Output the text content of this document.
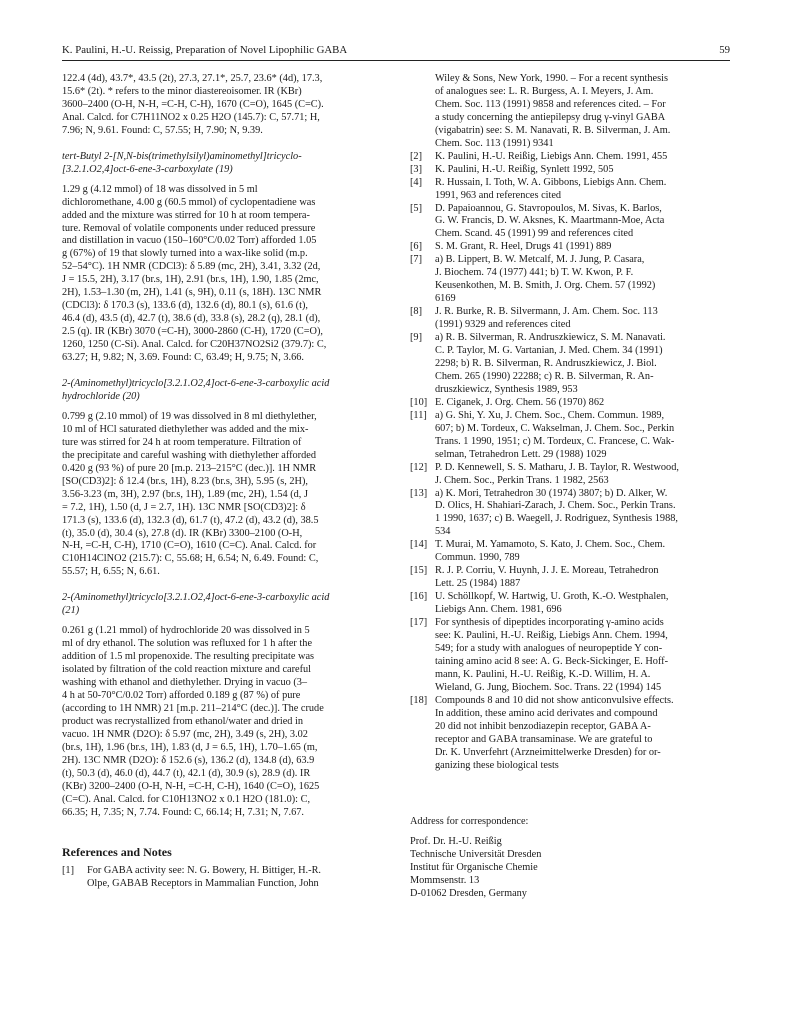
K. Paulini, H.-U. Reissig, Preparation of Novel Lipophilic GABA	59
122.4 (4d), 43.7*, 43.5 (2t), 27.3, 27.1*, 25.7, 23.6* (4d), 17.3,
15.6* (2t). * refers to the minor diastereoisomer. IR (KBr)
3600–2400 (O-H, N-H, =C-H, C-H), 1670 (C=O), 1645 (C=C).
Anal. Calcd. for C7H11NO2 x 0.25 H2O (145.7): C, 57.71; H,
7.96; N, 9.61. Found: C, 57.55; H, 7.90; N, 9.39.
tert-Butyl 2-[N,N-bis(trimethylsilyl)aminomethyl]tricyclo-
[3.2.1.O2,4]oct-6-ene-3-carboxylate (19)
1.29 g (4.12 mmol) of 18 was dissolved in 5 ml
dichloromethane, 4.00 g (60.5 mmol) of cyclopentadiene was
added and the mixture was stirred for 10 h at room tempera-
ture. Removal of volatile components under reduced pressure
and distillation in vacuo (150–160°C/0.02 Torr) afforded 1.05
g (67%) of 19 that slowly turned into a wax-like solid (m.p.
52–54°C). 1H NMR (CDCl3): δ 5.89 (mc, 2H), 3.41, 3.32 (2d,
J = 15.5, 2H), 3.17 (br.s, 1H), 2.91 (br.s, 1H), 1.90, 1.85 (2mc,
2H), 1.53–1.30 (m, 2H), 1.41 (s, 9H), 0.11 (s, 18H). 13C NMR
(CDCl3): δ 170.3 (s), 133.6 (d), 132.6 (d), 80.1 (s), 61.6 (t),
46.4 (d), 43.5 (d), 42.7 (t), 38.6 (d), 33.8 (s), 28.2 (q), 28.1 (d),
2.5 (q). IR (KBr) 3070 (=C-H), 3000-2860 (C-H), 1720 (C=O),
1260, 1250 (C-Si). Anal. Calcd. for C20H37NO2Si2 (379.7): C,
63.27; H, 9.82; N, 3.69. Found: C, 63.49; H, 9.75; N, 3.66.
2-(Aminomethyl)tricyclo[3.2.1.O2,4]oct-6-ene-3-carboxylic acid
hydrochloride (20)
0.799 g (2.10 mmol) of 19 was dissolved in 8 ml diethylether,
10 ml of HCl saturated diethylether was added and the mix-
ture was stirred for 24 h at room temperature. Filtration of
the precipitate and careful washing with diethylether afforded
0.420 g (93 %) of pure 20 [m.p. 213–215°C (dec.)]. 1H NMR
[SO(CD3)2]: δ 12.4 (br.s, 1H), 8.23 (br.s, 3H), 5.95 (s, 2H),
3.56-3.23 (m, 3H), 2.97 (br.s, 1H), 1.89 (mc, 2H), 1.54 (d, J
= 7.2, 1H), 1.50 (d, J = 2.7, 1H). 13C NMR [SO(CD3)2]: δ
171.3 (s), 133.6 (d), 132.3 (d), 61.7 (t), 47.2 (d), 43.2 (d), 38.5
(t), 35.0 (d), 30.4 (s), 27.8 (d). IR (KBr) 3300–2100 (O-H,
N-H, =C-H, C-H), 1710 (C=O), 1610 (C=C). Anal. Calcd. for
C10H14ClNO2 (215.7): C, 55.68; H, 6.54; N, 6.49. Found: C,
55.57; H, 6.55; N, 6.61.
2-(Aminomethyl)tricyclo[3.2.1.O2,4]oct-6-ene-3-carboxylic acid
(21)
0.261 g (1.21 mmol) of hydrochloride 20 was dissolved in 5
ml of dry ethanol. The solution was refluxed for 1 h after the
addition of 1.5 ml propenoxide. The resulting precipitate was
isolated by filtration of the cold reaction mixture and careful
washing with ethanol and diethylether. Drying in vacuo (3–
4 h at 50-70°C/0.02 Torr) afforded 0.189 g (87 %) of pure
(according to 1H NMR) 21 [m.p. 211–214°C (dec.)]. The crude
product was recrystallized from ethanol/water and dried in
vacuo. 1H NMR (D2O): δ 5.97 (mc, 2H), 3.49 (s, 2H), 3.02
(br.s, 1H), 1.96 (br.s, 1H), 1.83 (d, J = 6.5, 1H), 1.70–1.65 (m,
2H). 13C NMR (D2O): δ 152.6 (s), 136.2 (d), 134.8 (d), 63.9
(t), 50.3 (d), 46.0 (d), 44.7 (t), 42.1 (d), 30.9 (s), 28.9 (d). IR
(KBr) 3200–2400 (O-H, N-H, =C-H, C-H), 1640 (C=O), 1625
(C=C). Anal. Calcd. for C10H13NO2 x 0.1 H2O (181.0): C,
66.35; H, 7.35; N, 7.74. Found: C, 66.14; H, 7.31; N, 7.67.
References and Notes
[1] For GABA activity see: N. G. Bowery, H. Bittiger, H.-R.
Olpe, GABAB Receptors in Mammalian Function, John
Wiley & Sons, New York, 1990. – For a recent synthesis
of analogues see: L. R. Burgess, A. I. Meyers, J. Am.
Chem. Soc. 113 (1991) 9858 and references cited. – For
a study concerning the antiepilepsy drug γ-vinyl GABA
(vigabatrin) see: S. M. Nanavati, R. B. Silverman, J. Am.
Chem. Soc. 113 (1991) 9341
[2] K. Paulini, H.-U. Reißig, Liebigs Ann. Chem. 1991, 455
[3] K. Paulini, H.-U. Reißig, Synlett 1992, 505
[4] R. Hussain, I. Toth, W. A. Gibbons, Liebigs Ann. Chem.
1991, 963 and references cited
[5] D. Papaioannou, G. Stavropoulos, M. Sivas, K. Barlos,
G. W. Francis, D. W. Aksnes, K. Maartmann-Moe, Acta
Chem. Scand. 45 (1991) 99 and references cited
[6] S. M. Grant, R. Heel, Drugs 41 (1991) 889
[7] a) B. Lippert, B. W. Metcalf, M. J. Jung, P. Casara,
J. Biochem. 74 (1977) 441; b) T. W. Kwon, P. F.
Keusenkothen, M. B. Smith, J. Org. Chem. 57 (1992)
6169
[8] J. R. Burke, R. B. Silvermann, J. Am. Chem. Soc. 113
(1991) 9329 and references cited
[9] a) R. B. Silverman, R. Andruszkiewicz, S. M. Nanavati.
C. P. Taylor, M. G. Vartanian, J. Med. Chem. 34 (1991)
2298; b) R. B. Silverman, R. Andruszkiewicz, J. Biol.
Chem. 265 (1990) 22288; c) R. B. Silverman, R. An-
druszkiewicz, Synthesis 1989, 953
[10] E. Ciganek, J. Org. Chem. 56 (1970) 862
[11] a) G. Shi, Y. Xu, J. Chem. Soc., Chem. Commun. 1989,
607; b) M. Tordeux, C. Wakselman, J. Chem. Soc., Perkin
Trans. 1 1990, 1951; c) M. Tordeux, C. Francese, C. Wak-
selman, Tetrahedron Lett. 29 (1988) 1029
[12] P. D. Kennewell, S. S. Matharu, J. B. Taylor, R. Westwood,
J. Chem. Soc., Perkin Trans. 1 1982, 2563
[13] a) K. Mori, Tetrahedron 30 (1974) 3807; b) D. Alker, W.
D. Olics, H. Shahiari-Zarach, J. Chem. Soc., Perkin Trans.
1 1990, 1637; c) B. Waegell, J. Rodriguez, Synthesis 1988,
534
[14] T. Murai, M. Yamamoto, S. Kato, J. Chem. Soc., Chem.
Commun. 1990, 789
[15] R. J. P. Corriu, V. Huynh, J. J. E. Moreau, Tetrahedron
Lett. 25 (1984) 1887
[16] U. Schöllkopf, W. Hartwig, U. Groth, K.-O. Westphalen,
Liebigs Ann. Chem. 1981, 696
[17] For synthesis of dipeptides incorporating γ-amino acids
see: K. Paulini, H.-U. Reißig, Liebigs Ann. Chem. 1994,
549; for a study with analogues of neuropeptide Y con-
taining amino acid 8 see: A. G. Beck-Sickinger, E. Hoff-
mann, K. Paulini, H.-U. Reißig, K.-D. Willim, H. A.
Wieland, G. Jung, Biochem. Soc. Trans. 22 (1994) 145
[18] Compounds 8 and 10 did not show anticonvulsive effects.
In addition, these amino acid derivates and compound
20 did not inhibit benzodiazepin receptor, GABA A-
receptor and GABA transaminase. We are grateful to
Dr. K. Unverfehrt (Arzneimittelwerke Dresden) for or-
ganizing these biological tests
Address for correspondence:
Prof. Dr. H.-U. Reißig
Technische Universität Dresden
Institut für Organische Chemie
Mommsenstr. 13
D-01062 Dresden, Germany
